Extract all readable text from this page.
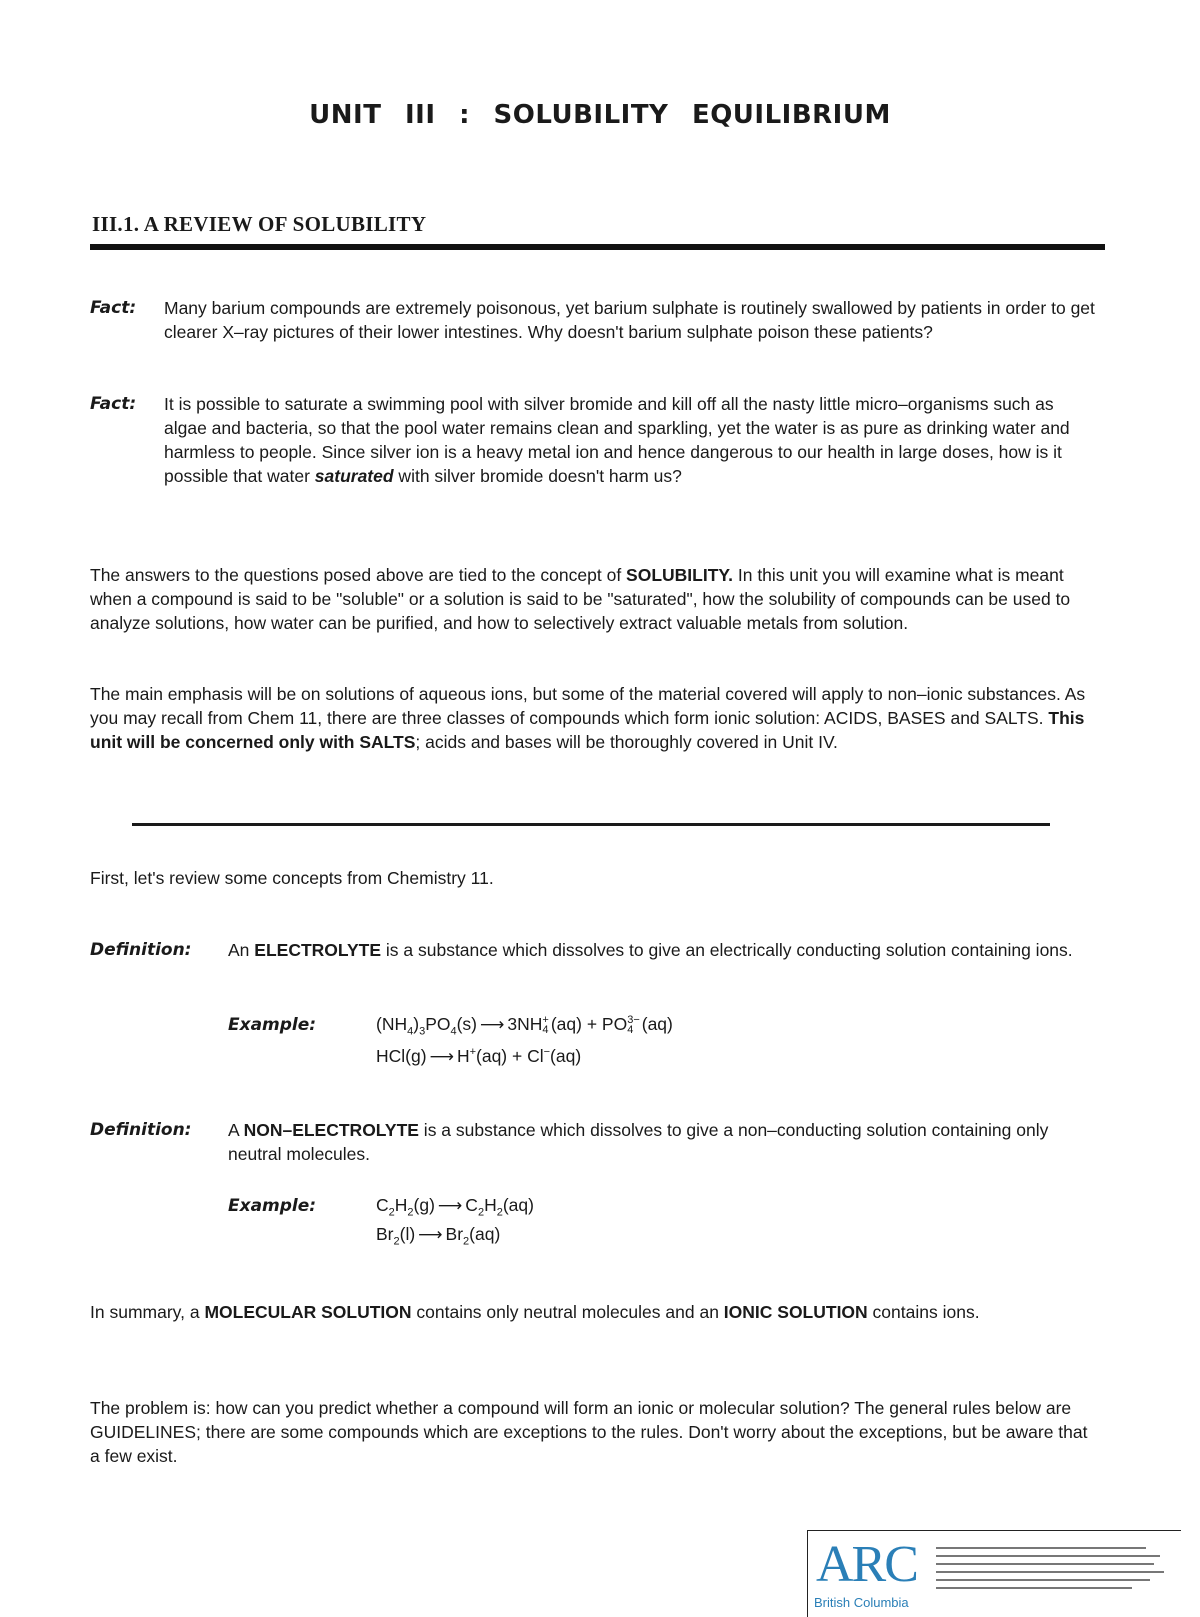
UNIT III : SOLUBILITY EQUILIBRIUM
III.1. A REVIEW OF SOLUBILITY
Fact: Many barium compounds are extremely poisonous, yet barium sulphate is routinely swallowed by patients in order to get clearer X–ray pictures of their lower intestines. Why doesn't barium sulphate poison these patients?
Fact: It is possible to saturate a swimming pool with silver bromide and kill off all the nasty little micro–organisms such as algae and bacteria, so that the pool water remains clean and sparkling, yet the water is as pure as drinking water and harmless to people. Since silver ion is a heavy metal ion and hence dangerous to our health in large doses, how is it possible that water saturated with silver bromide doesn't harm us?
The answers to the questions posed above are tied to the concept of SOLUBILITY. In this unit you will examine what is meant when a compound is said to be "soluble" or a solution is said to be "saturated", how the solubility of compounds can be used to analyze solutions, how water can be purified, and how to selectively extract valuable metals from solution.
The main emphasis will be on solutions of aqueous ions, but some of the material covered will apply to non–ionic substances. As you may recall from Chem 11, there are three classes of compounds which form ionic solution: ACIDS, BASES and SALTS. This unit will be concerned only with SALTS; acids and bases will be thoroughly covered in Unit IV.
First, let's review some concepts from Chemistry 11.
Definition: An ELECTROLYTE is a substance which dissolves to give an electrically conducting solution containing ions.
Example:	$(NH_4)_3PO_4(s)$ ⟶ 3NH +
4 (aq) + PO 3−
4 (aq)
HCl(g) ⟶ H+(aq) + Cl−(aq)
Definition: A NON–ELECTROLYTE is a substance which dissolves to give a non–conducting solution containing only neutral molecules.
Example:	$C_2H_2(g)$ ⟶ $C_2H_2(aq)$
$Br_2(l)$ ⟶ $Br_2(aq)$
In summary, a MOLECULAR SOLUTION contains only neutral molecules and an IONIC SOLUTION contains ions.
The problem is: how can you predict whether a compound will form an ionic or molecular solution? The general rules below are GUIDELINES; there are some compounds which are exceptions to the rules. Don't worry about the exceptions, but be aware that a few exist.
ARC
British Columbia
